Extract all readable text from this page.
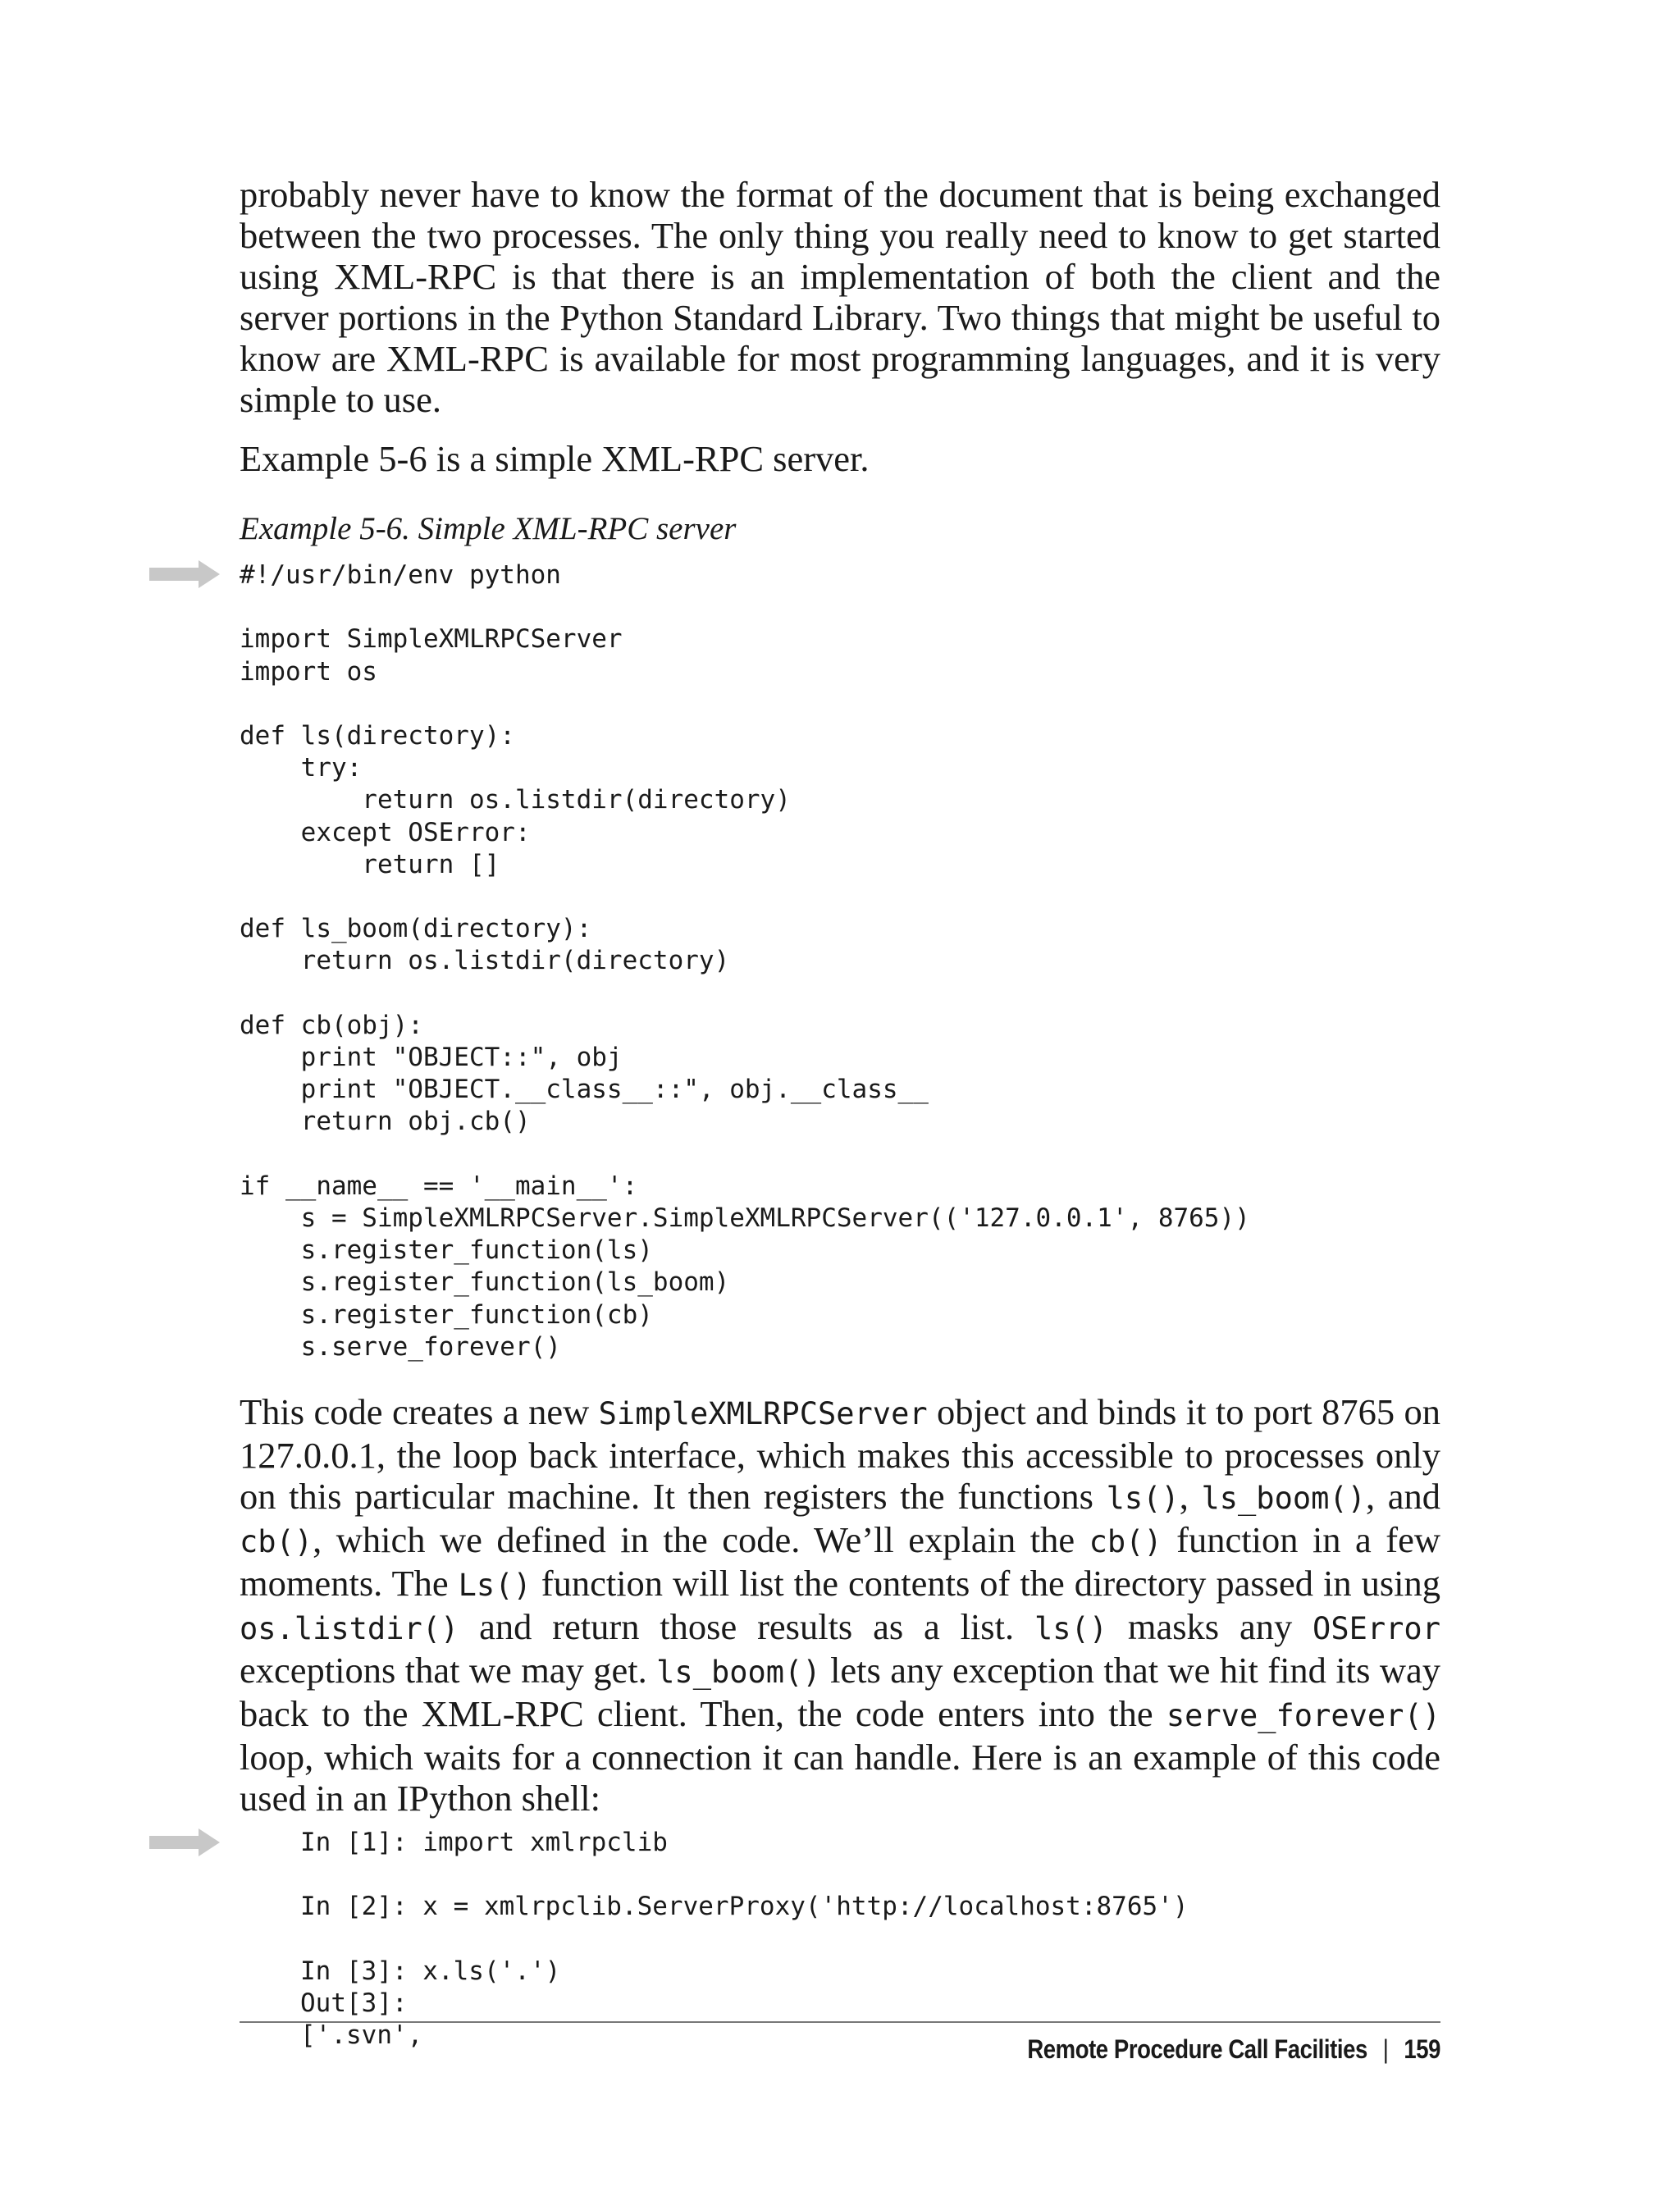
probably never have to know the format of the document that is being exchanged between the two processes. The only thing you really need to know to get started using XML-RPC is that there is an implementation of both the client and the server portions in the Python Standard Library. Two things that might be useful to know are XML-RPC is available for most programming languages, and it is very simple to use.

Example 5-6 is a simple XML-RPC server.

Example 5-6. Simple XML-RPC server

#!/usr/bin/env python

import SimpleXMLRPCServer
import os

def ls(directory):
try:
return os.listdir(directory)
except OSError:
return []

def ls_boom(directory):
return os.listdir(directory)

def cb(obj):
print "OBJECT::", obj
print "OBJECT.__class__::", obj.__class__
return obj.cb()

if __name__ == '__main__':
s = SimpleXMLRPCServer.SimpleXMLRPCServer(('127.0.0.1', 8765))
s.register_function(ls)
s.register_function(ls_boom)
s.register_function(cb)
s.serve_forever()

This code creates a new SimpleXMLRPCServer object and binds it to port 8765 on 127.0.0.1, the loop back interface, which makes this accessible to processes only on this particular machine. It then registers the functions ls(), ls_boom(), and cb(), which we defined in the code. We’ll explain the cb() function in a few moments. The Ls() function will list the contents of the directory passed in using os.listdir() and return those results as a list. ls() masks any OSError exceptions that we may get. ls_boom() lets any exception that we hit find its way back to the XML-RPC client. Then, the code enters into the serve_forever() loop, which waits for a connection it can handle. Here is an example of this code used in an IPython shell:

In [1]: import xmlrpclib

In [2]: x = xmlrpclib.ServerProxy('http://localhost:8765')

In [3]: x.ls('.')
Out[3]:
['.svn',	Remote Procedure Call Facilities | 159
